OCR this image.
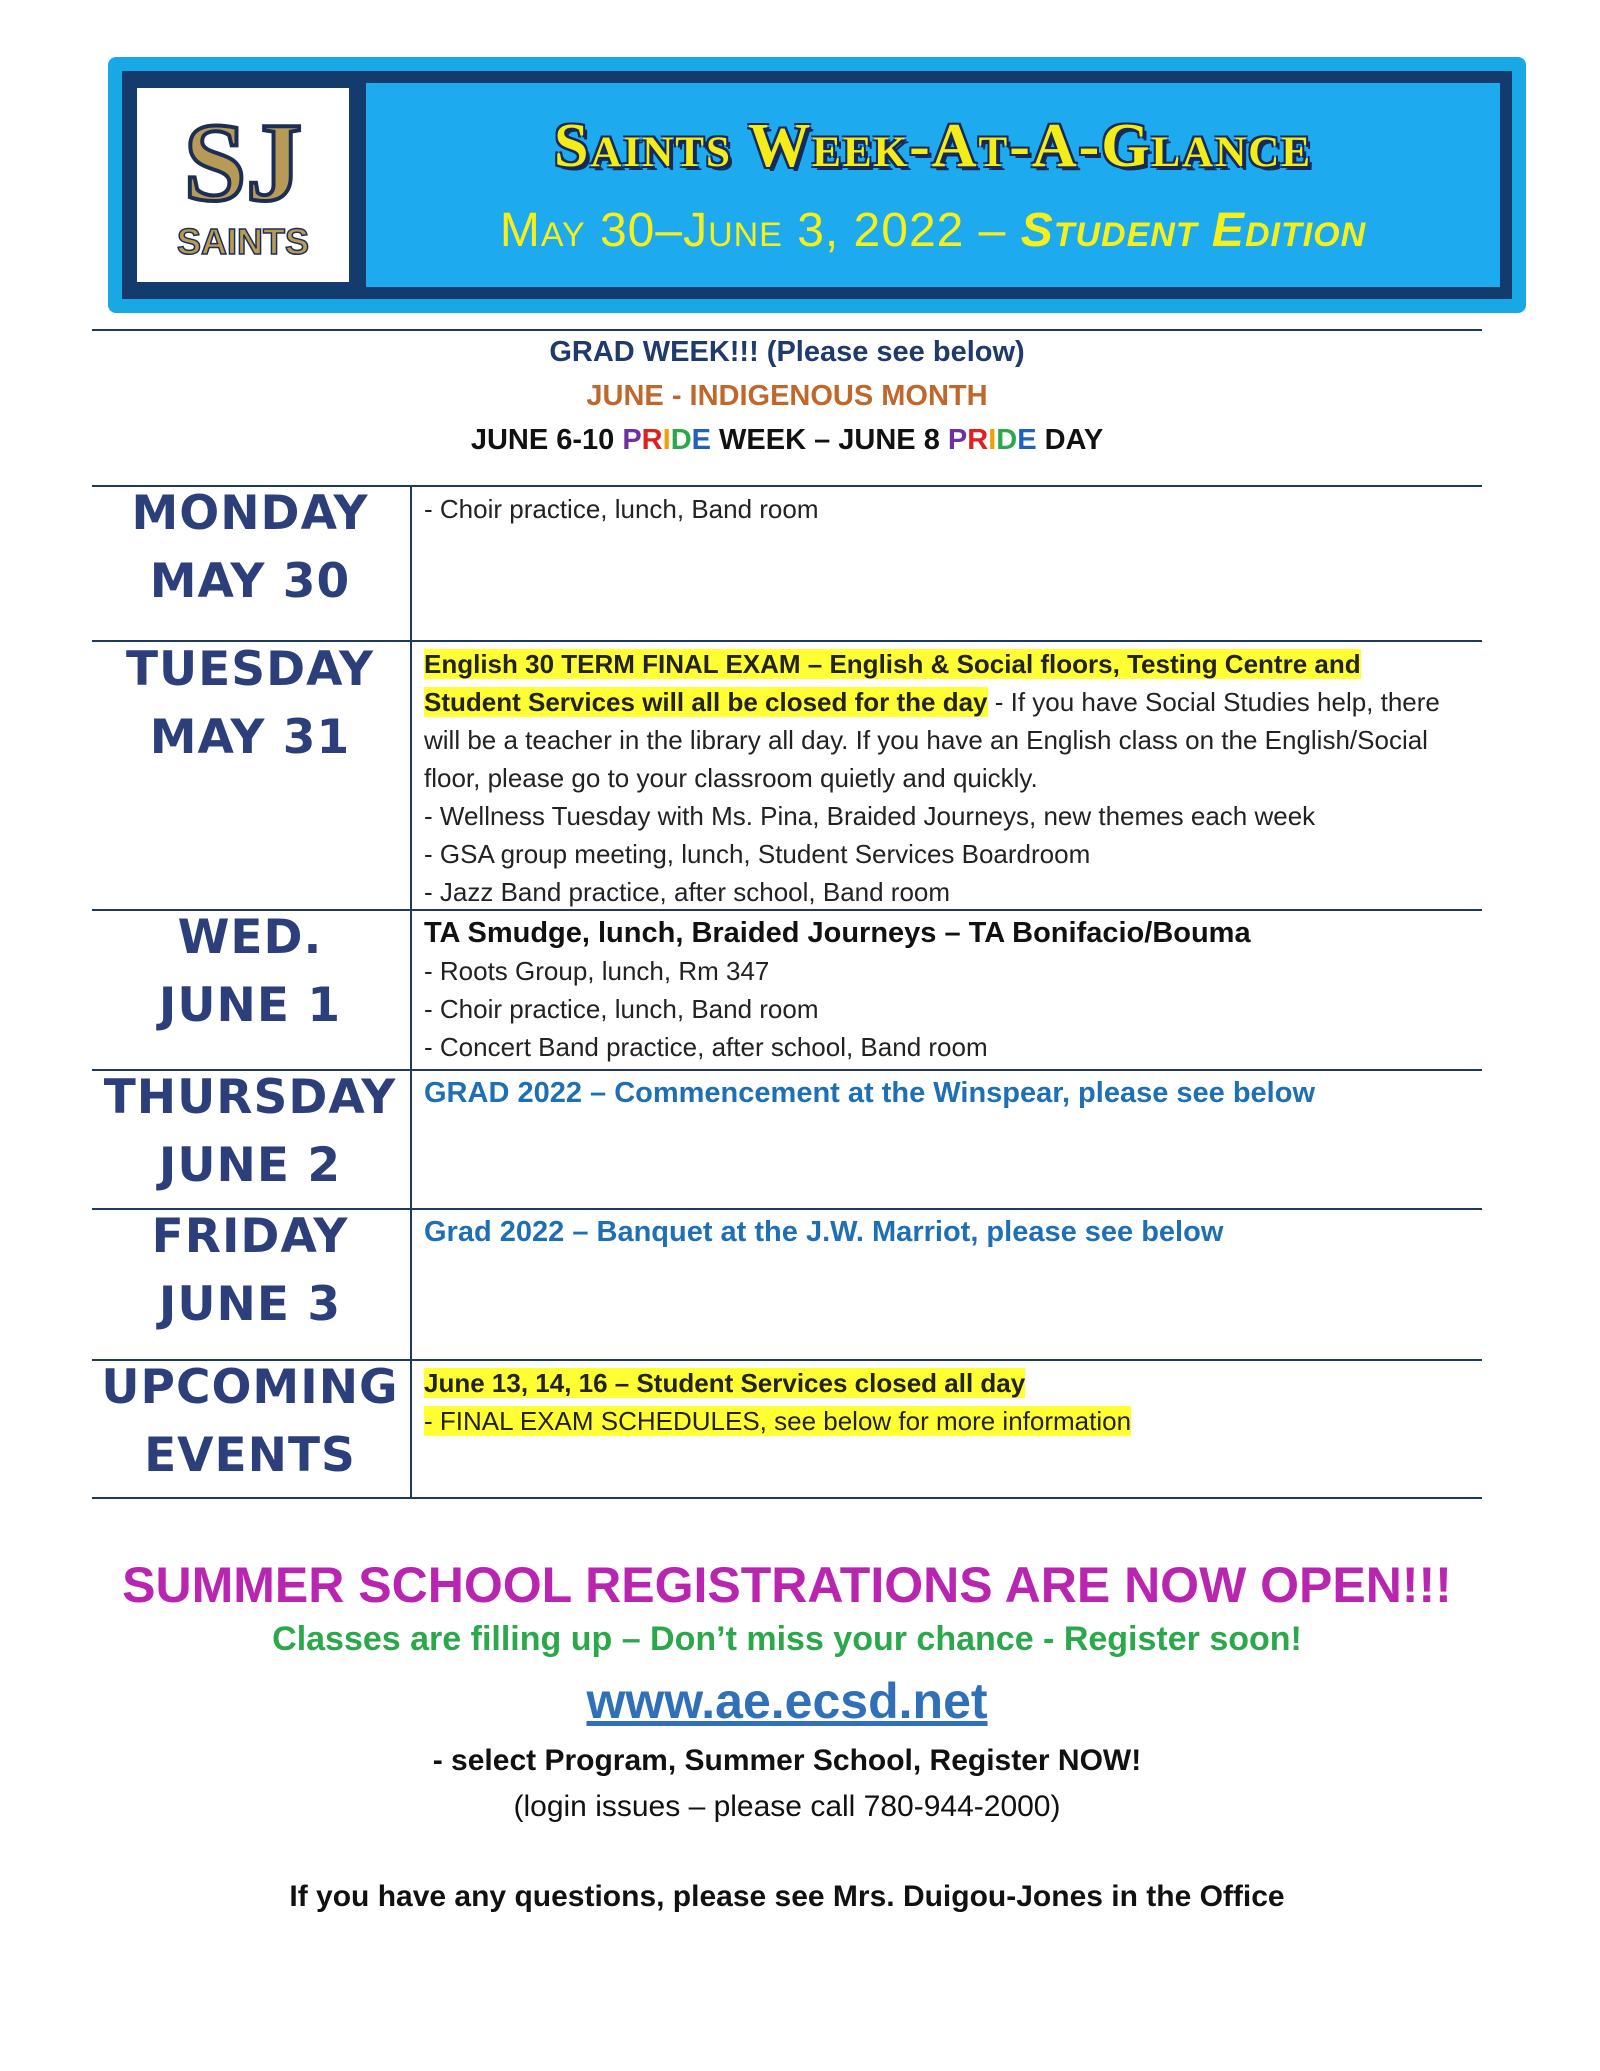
SJ
SAINTS
Saints Week-At-A-Glance
May 30–June 3, 2022 – Student Edition
GRAD WEEK!!! (Please see below)
JUNE - INDIGENOUS MONTH
JUNE 6-10 PRIDE WEEK – JUNE 8 PRIDE DAY
MONDAY
MAY 30
- Choir practice, lunch, Band room
TUESDAY
MAY 31
English 30 TERM FINAL EXAM – English & Social floors, Testing Centre and Student Services will all be closed for the day - If you have Social Studies help, there will be a teacher in the library all day. If you have an English class on the English/Social floor, please go to your classroom quietly and quickly.
- Wellness Tuesday with Ms. Pina, Braided Journeys, new themes each week
- GSA group meeting, lunch, Student Services Boardroom
- Jazz Band practice, after school, Band room
WED.
JUNE 1
TA Smudge, lunch, Braided Journeys – TA Bonifacio/Bouma
- Roots Group, lunch, Rm 347
- Choir practice, lunch, Band room
- Concert Band practice, after school, Band room
THURSDAY
JUNE 2
GRAD 2022 – Commencement at the Winspear, please see below
FRIDAY
JUNE 3
Grad 2022 – Banquet at the J.W. Marriot, please see below
UPCOMING
EVENTS
June 13, 14, 16 – Student Services closed all day
- FINAL EXAM SCHEDULES, see below for more information
SUMMER SCHOOL REGISTRATIONS ARE NOW OPEN!!!
Classes are filling up – Don’t miss your chance - Register soon!
www.ae.ecsd.net
- select Program, Summer School, Register NOW!
(login issues – please call 780-944-2000)
If you have any questions, please see Mrs. Duigou-Jones in the Office
